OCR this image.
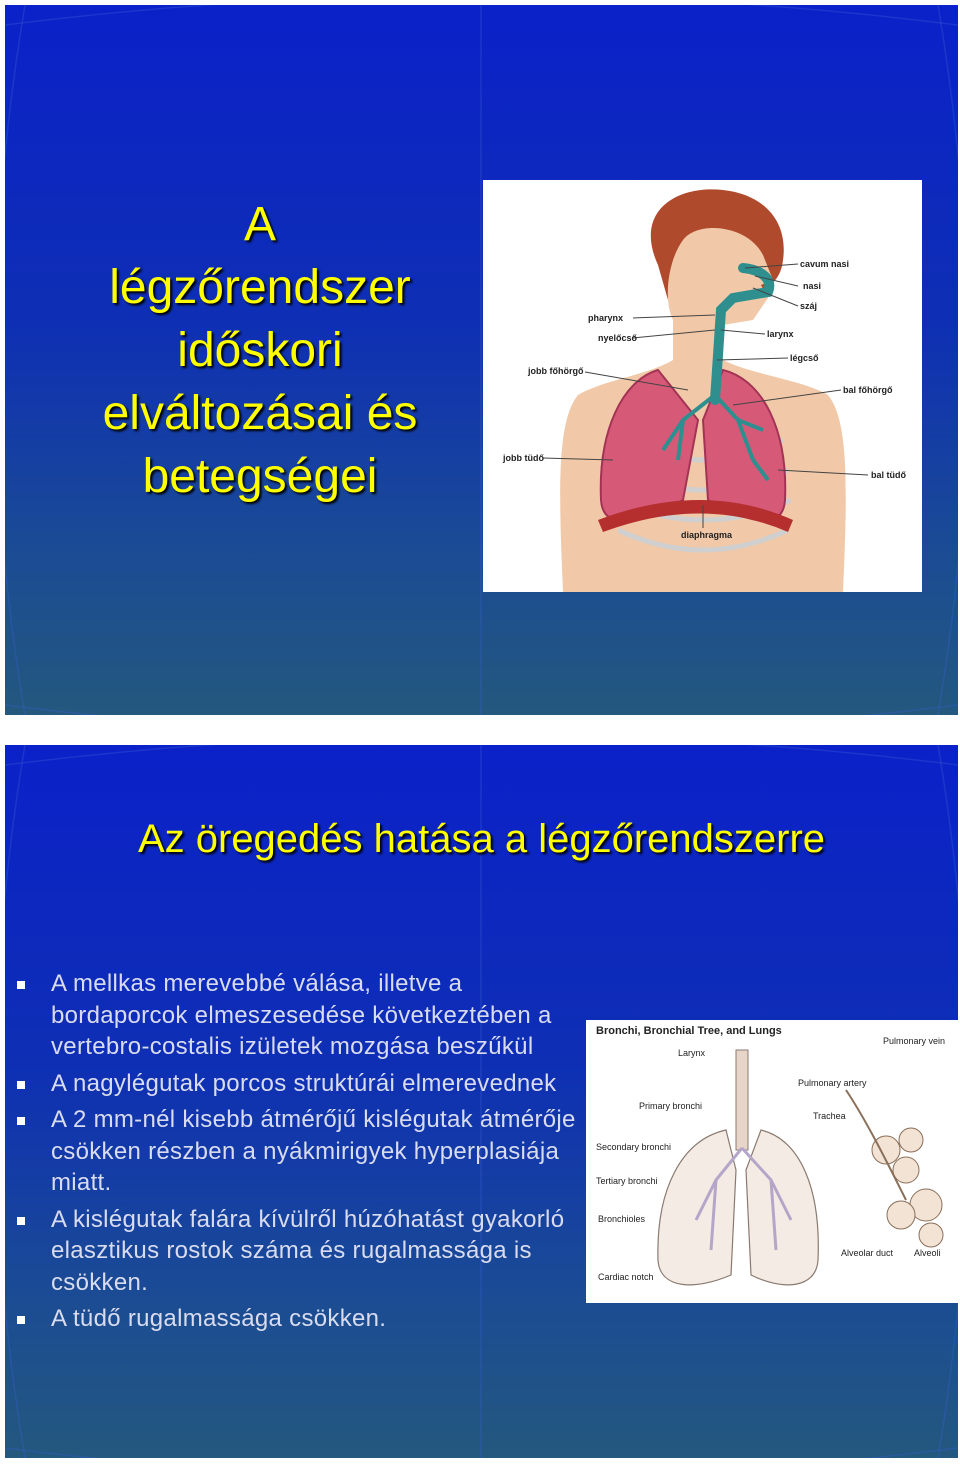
A
légzőrendszer
időskori
elváltozásai és
betegségei
cavum nasi
nasi
száj
pharynx
nyelőcső	larynx
jobb főhörgő
légcső
bal főhörgő
jobb tüdő
bal tüdő
diaphragma
Az öregedés hatása a légzőrendszerre
A mellkas merevebbé válása, illetve a bordaporcok elmeszesedése következtében a vertebro-costalis izületek mozgása beszűkül
A nagylégutak porcos struktúrái elmerevednek
A 2 mm-nél kisebb átmérőjű kislégutak átmérője csökken részben a nyákmirigyek hyperplasiája miatt.
A kislégutak falára kívülről húzóhatást gyakorló elasztikus rostok száma és rugalmassága is csökken.
A tüdő rugalmassága csökken.
Bronchi, Bronchial Tree, and Lungs
Larynx
Pulmonary vein
Pulmonary artery
Primary bronchi
Trachea
Secondary bronchi
Tertiary bronchi
Bronchioles
Alveolar duct Alveoli
Cardiac notch
